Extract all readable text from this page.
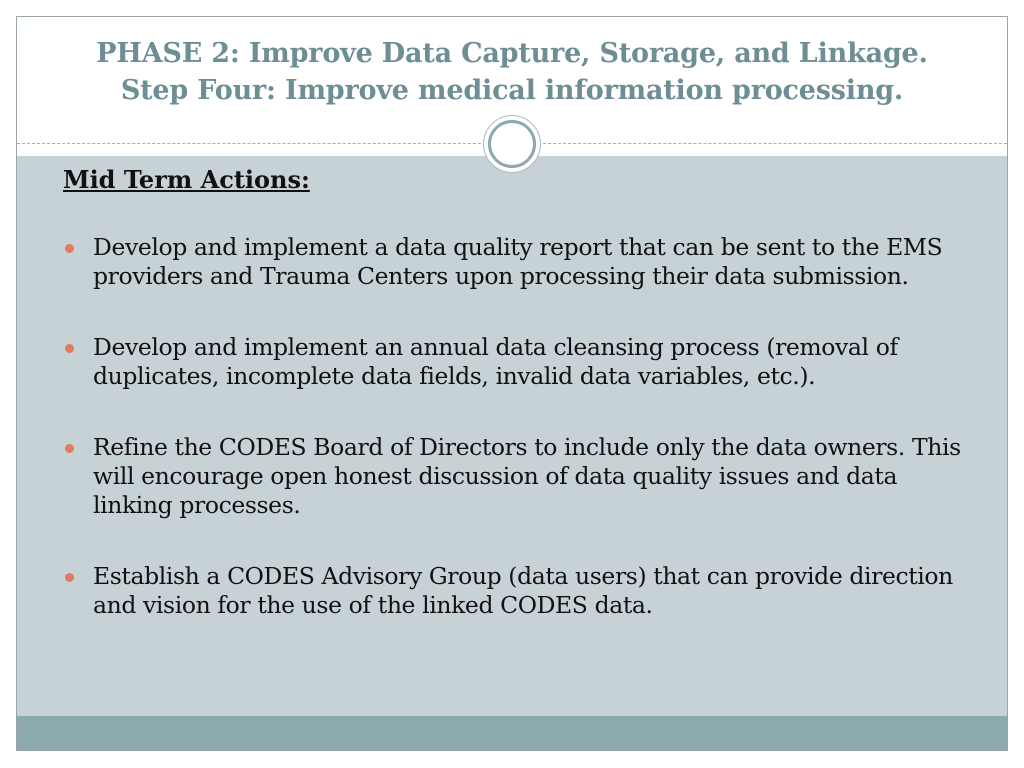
PHASE 2: Improve Data Capture, Storage, and Linkage.
Step Four: Improve medical information processing.
Mid Term Actions:
Develop and implement a data quality report that can be sent to the EMS providers and Trauma Centers upon processing their data submission.
Develop and implement an annual data cleansing process (removal of duplicates, incomplete data fields, invalid data variables, etc.).
Refine the CODES Board of Directors to include only the data owners. This will encourage open honest discussion of data quality issues and data linking processes.
Establish a CODES Advisory Group (data users) that can provide direction and vision for the use of the linked CODES data.
